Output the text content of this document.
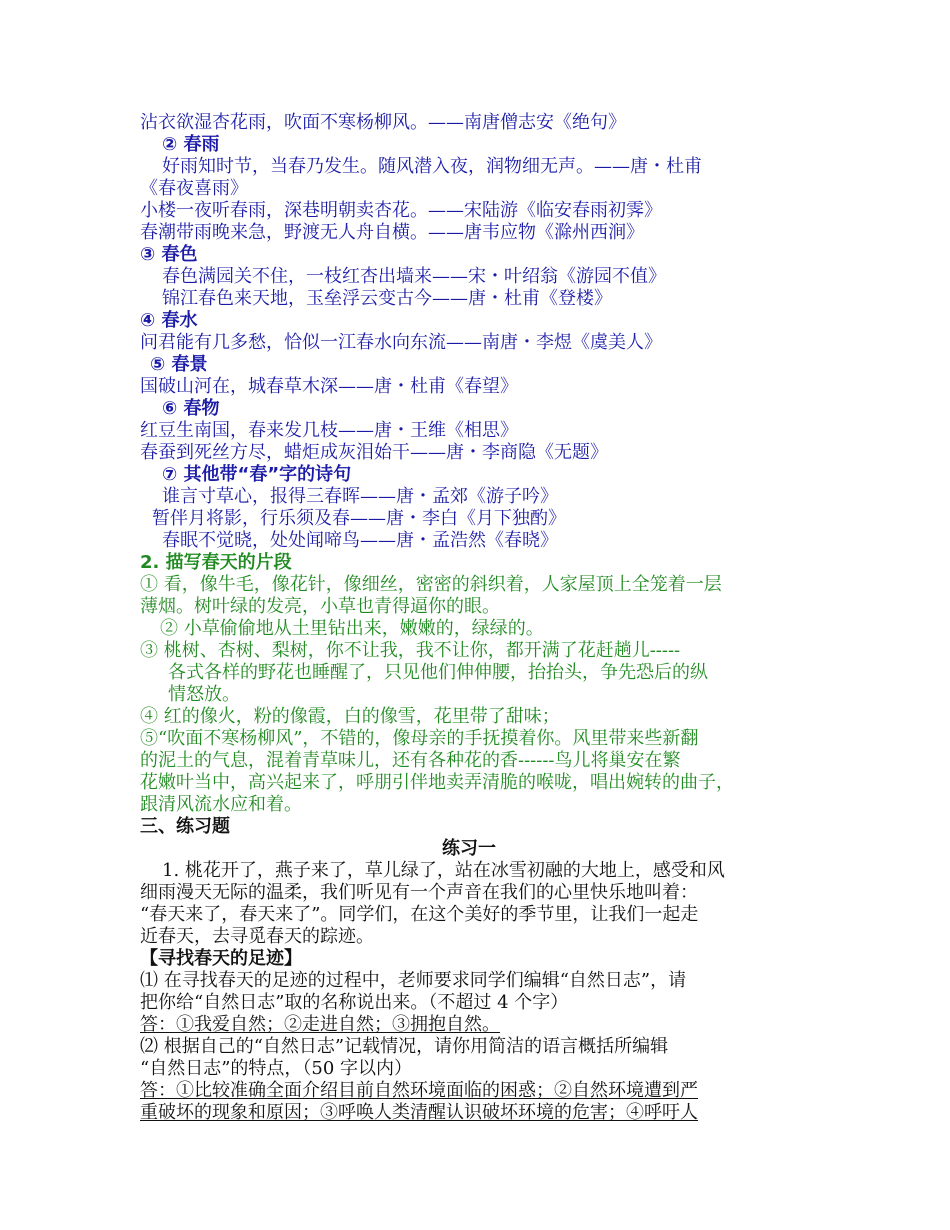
沾衣欲湿杏花雨，吹面不寒杨柳风。——南唐僧志安《绝句》
② 春雨
好雨知时节，当春乃发生。随风潜入夜，润物细无声。——唐・杜甫
《春夜喜雨》
小楼一夜听春雨，深巷明朝卖杏花。——宋陆游《临安春雨初霁》
春潮带雨晚来急，野渡无人舟自横。——唐韦应物《滁州西涧》
③ 春色
春色满园关不住，一枝红杏出墙来——宋・叶绍翁《游园不值》
锦江春色来天地，玉垒浮云变古今——唐・杜甫《登楼》
④ 春水
问君能有几多愁，恰似一江春水向东流——南唐・李煜《虞美人》
⑤ 春景
国破山河在，城春草木深——唐・杜甫《春望》
⑥ 春物
红豆生南国，春来发几枝——唐・王维《相思》
春蚕到死丝方尽，蜡炬成灰泪始干——唐・李商隐《无题》
⑦ 其他带“春”字的诗句
谁言寸草心，报得三春晖——唐・孟郊《游子吟》
暂伴月将影，行乐须及春——唐・李白《月下独酌》
春眠不觉晓，处处闻啼鸟——唐・孟浩然《春晓》
2. 描写春天的片段
① 看，像牛毛，像花针，像细丝，密密的斜织着，人家屋顶上全笼着一层
薄烟。树叶绿的发亮，小草也青得逼你的眼。
② 小草偷偷地从土里钻出来，嫩嫩的，绿绿的。
③ 桃树、杏树、梨树，你不让我，我不让你，都开满了花赶趟儿-----
各式各样的野花也睡醒了，只见他们伸伸腰，抬抬头，争先恐后的纵
情怒放。
④ 红的像火，粉的像霞，白的像雪，花里带了甜味；
⑤“吹面不寒杨柳风”，不错的，像母亲的手抚摸着你。风里带来些新翻
的泥土的气息，混着青草味儿，还有各种花的香------鸟儿将巢安在繁
花嫩叶当中，高兴起来了，呼朋引伴地卖弄清脆的喉咙，唱出婉转的曲子，
跟清风流水应和着。
三、练习题
练习一
1. 桃花开了，燕子来了，草儿绿了，站在冰雪初融的大地上，感受和风
细雨漫天无际的温柔，我们听见有一个声音在我们的心里快乐地叫着：
“春天来了，春天来了”。同学们，在这个美好的季节里，让我们一起走
近春天，去寻觅春天的踪迹。
【寻找春天的足迹】
⑴ 在寻找春天的足迹的过程中，老师要求同学们编辑“自然日志”，请
把你给“自然日志”取的名称说出来。（不超过 4 个字）
答：①我爱自然；②走进自然；③拥抱自然。
⑵ 根据自己的“自然日志”记载情况，请你用简洁的语言概括所编辑
“自然日志”的特点，（50 字以内）
答：①比较准确全面介绍目前自然环境面临的困惑；②自然环境遭到严
重破坏的现象和原因；③呼唤人类清醒认识破坏环境的危害；④呼吁人
